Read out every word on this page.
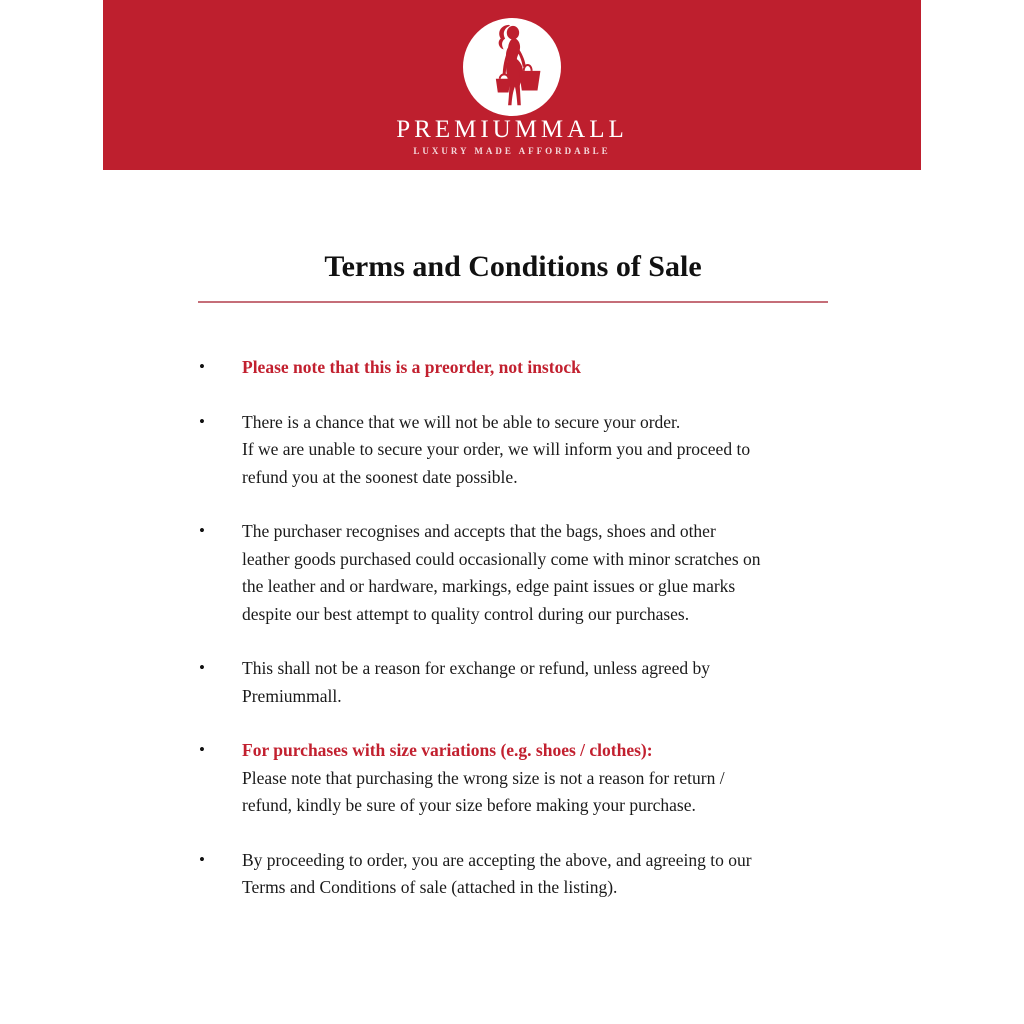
PREMIUMMALL
LUXURY MADE AFFORDABLE
Terms and Conditions of Sale
• Please note that this is a preorder, not instock
• There is a chance that we will not be able to secure your order.
If we are unable to secure your order, we will inform you and proceed to
refund you at the soonest date possible.
• The purchaser recognises and accepts that the bags, shoes and other
leather goods purchased could occasionally come with minor scratches on
the leather and or hardware, markings, edge paint issues or glue marks
despite our best attempt to quality control during our purchases.
• This shall not be a reason for exchange or refund, unless agreed by
Premiummall.
• For purchases with size variations (e.g. shoes / clothes):
Please note that purchasing the wrong size is not a reason for return /
refund, kindly be sure of your size before making your purchase.
• By proceeding to order, you are accepting the above, and agreeing to our
Terms and Conditions of sale (attached in the listing).
